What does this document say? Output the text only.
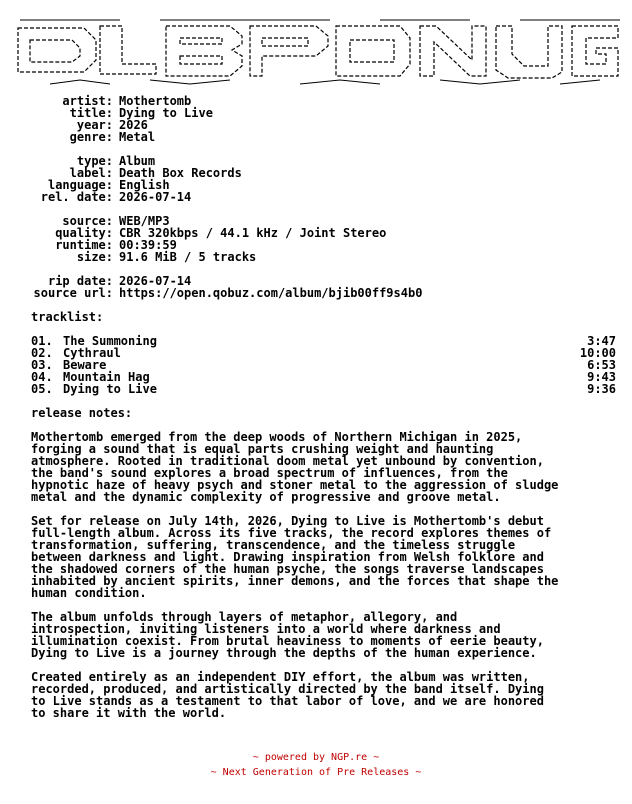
artist: Mothertomb
title: Dying to Live
year: 2026
genre: Metal
type: Album
label: Death Box Records
language: English
rel. date: 2026-07-14
source: WEB/MP3
quality: CBR 320kbps / 44.1 kHz / Joint Stereo
runtime: 00:39:59
size: 91.6 MiB / 5 tracks
rip date: 2026-07-14
source url: https://open.qobuz.com/album/bjib00ff9s4b0
tracklist:
01. The Summoning	3:47
02. Cythraul	10:00
03. Beware	6:53
04. Mountain Hag	9:43
05. Dying to Live	9:36
release notes:
Mothertomb emerged from the deep woods of Northern Michigan in 2025,
forging a sound that is equal parts crushing weight and haunting
atmosphere. Rooted in traditional doom metal yet unbound by convention,
the band's sound explores a broad spectrum of influences, from the
hypnotic haze of heavy psych and stoner metal to the aggression of sludge
metal and the dynamic complexity of progressive and groove metal.
Set for release on July 14th, 2026, Dying to Live is Mothertomb's debut
full-length album. Across its five tracks, the record explores themes of
transformation, suffering, transcendence, and the timeless struggle
between darkness and light. Drawing inspiration from Welsh folklore and
the shadowed corners of the human psyche, the songs traverse landscapes
inhabited by ancient spirits, inner demons, and the forces that shape the
human condition.
The album unfolds through layers of metaphor, allegory, and
introspection, inviting listeners into a world where darkness and
illumination coexist. From brutal heaviness to moments of eerie beauty,
Dying to Live is a journey through the depths of the human experience.
Created entirely as an independent DIY effort, the album was written,
recorded, produced, and artistically directed by the band itself. Dying
to Live stands as a testament to that labor of love, and we are honored
to share it with the world.
~ powered by NGP.re ~
~ Next Generation of Pre Releases ~
